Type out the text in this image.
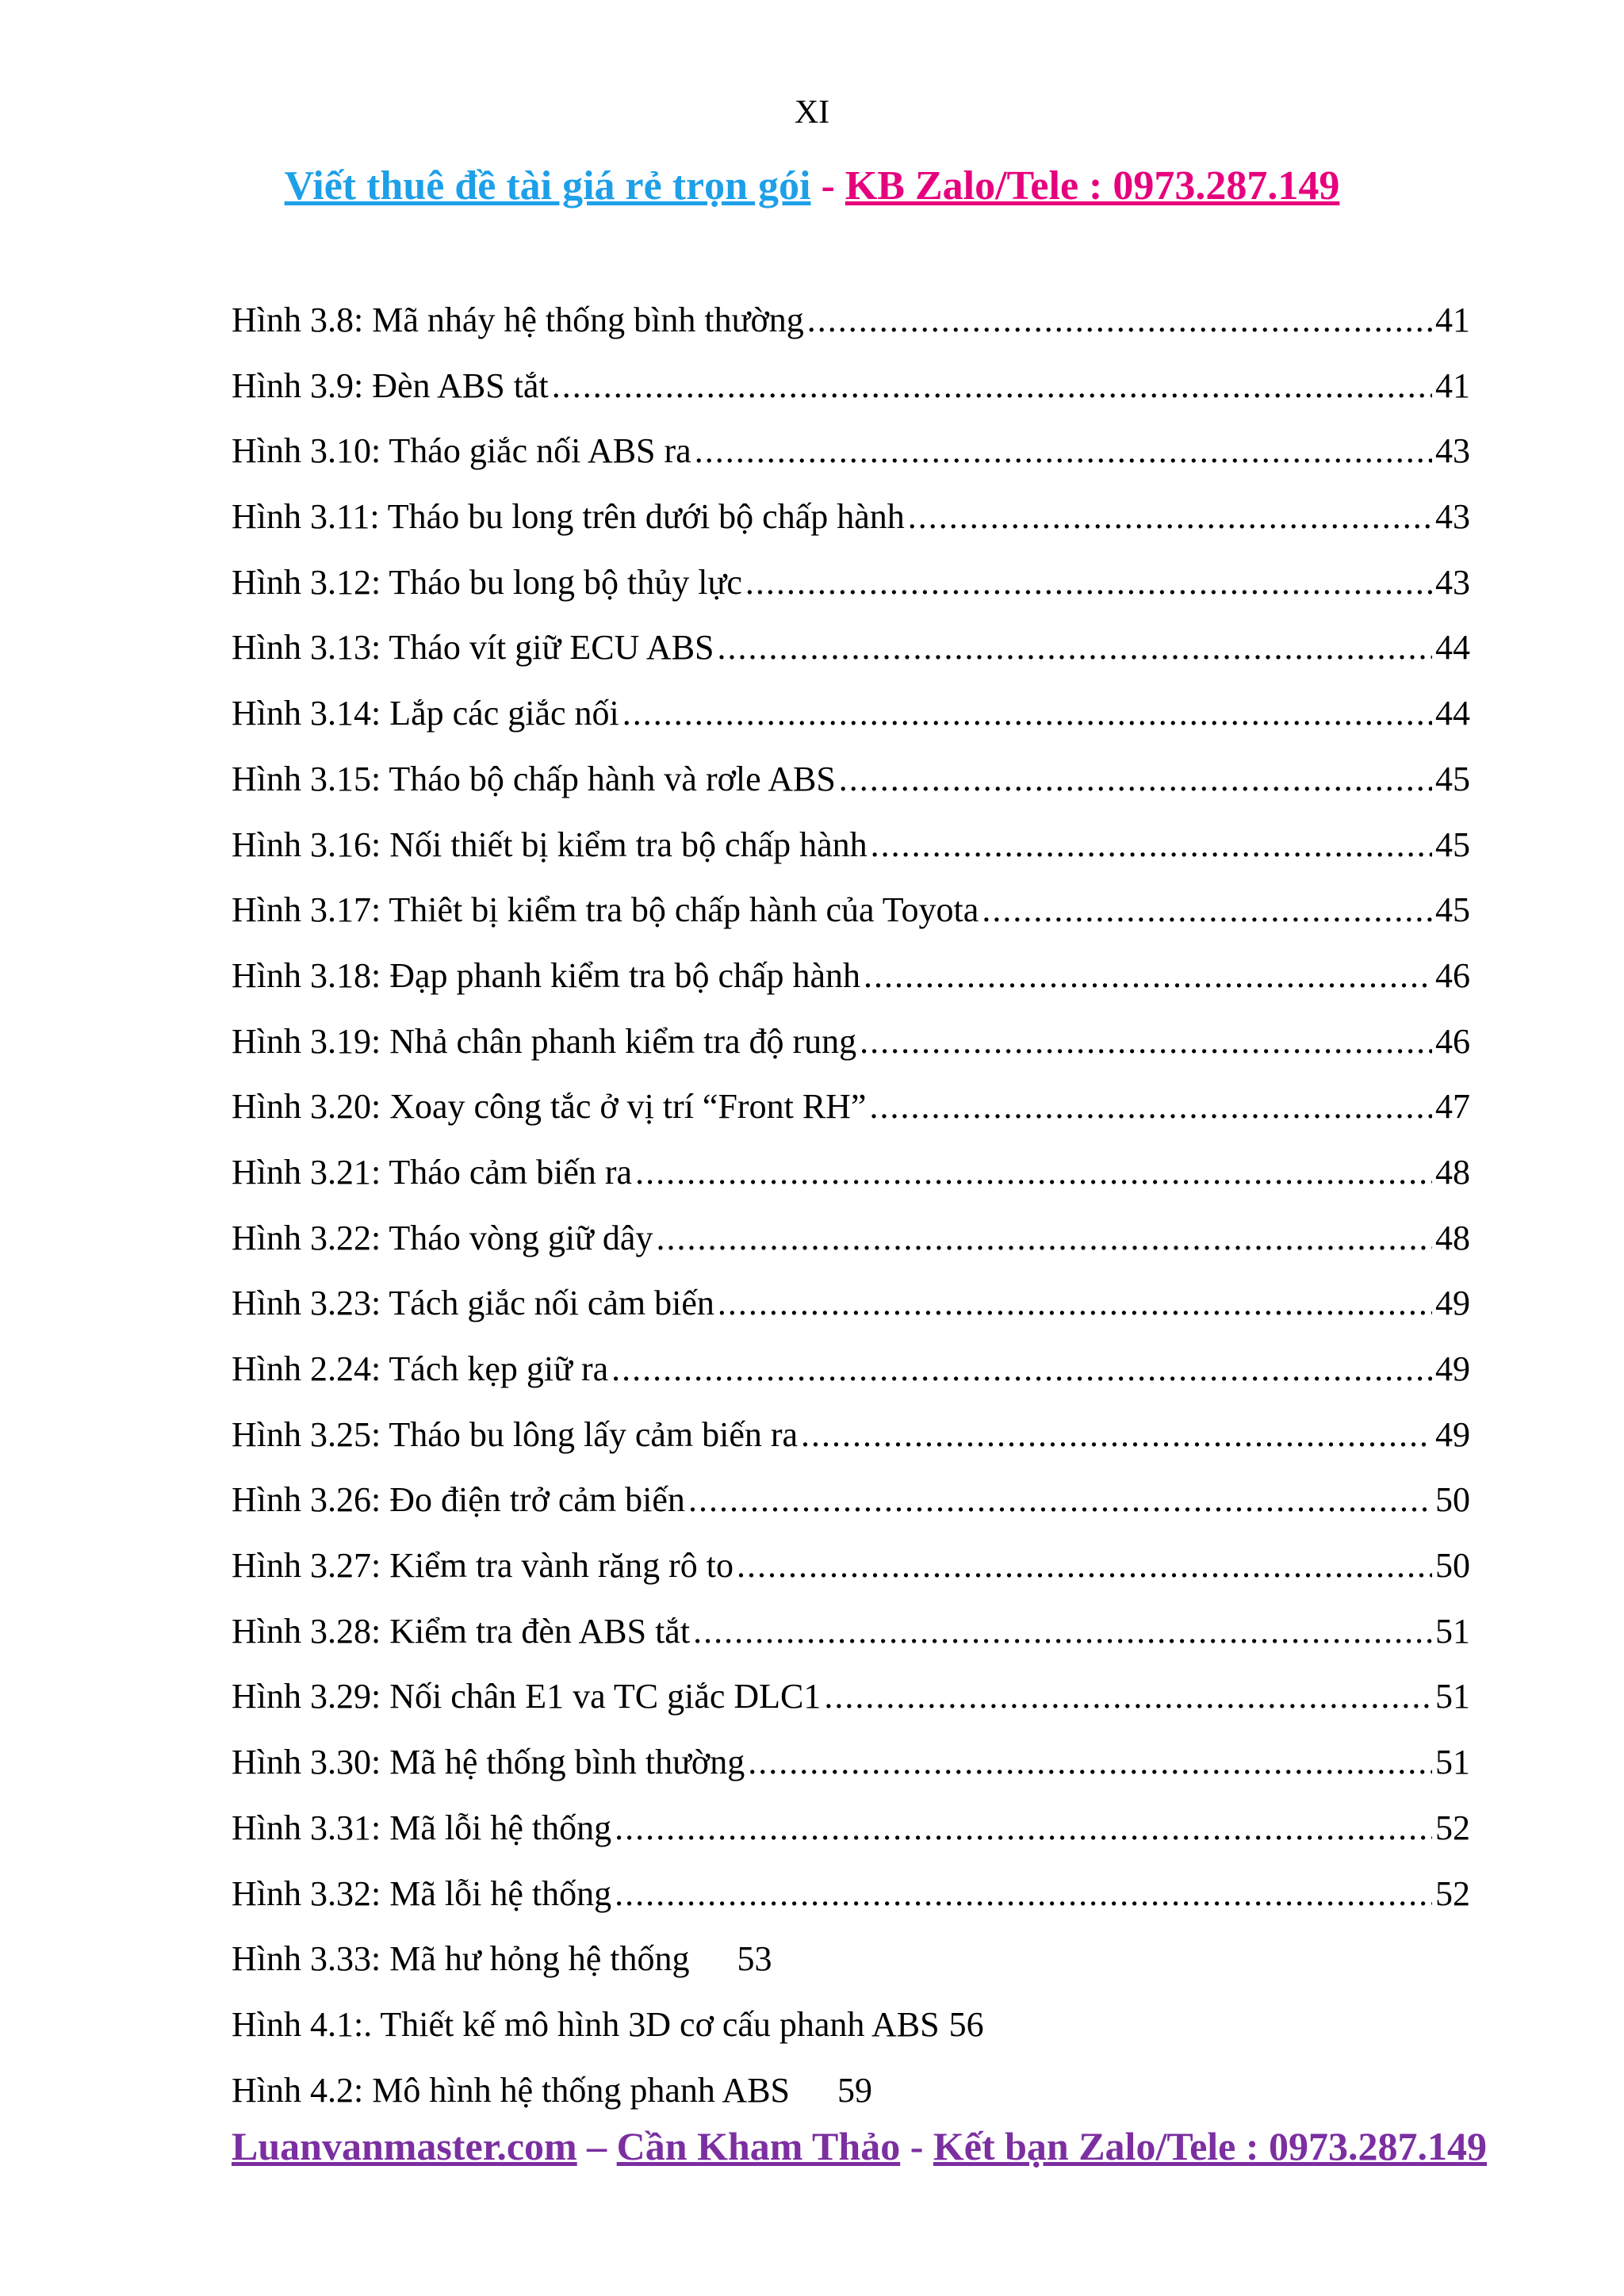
XI
Viết thuê đề tài giá rẻ trọn gói - KB Zalo/Tele : 0973.287.149
Hình 3.8: Mã nháy hệ thống bình thường .....	41
Hình 3.9: Đèn ABS tắt .....	41
Hình 3.10: Tháo giắc nối ABS ra .....	43
Hình 3.11: Tháo bu long trên dưới bộ chấp hành .....	43
Hình 3.12: Tháo bu long bộ thủy lực .....	43
Hình 3.13: Tháo vít giữ ECU ABS .....	44
Hình 3.14: Lắp các giắc nối .....	44
Hình 3.15: Tháo bộ chấp hành và rơle ABS .....	45
Hình 3.16: Nối thiết bị kiểm tra bộ chấp hành .....	45
Hình 3.17: Thiêt bị kiểm tra bộ chấp hành của Toyota .....	45
Hình 3.18: Đạp phanh kiểm tra bộ chấp hành .....	46
Hình 3.19: Nhả chân phanh kiểm tra độ rung .....	46
Hình 3.20: Xoay công tắc ở vị trí “Front RH” .....	47
Hình 3.21: Tháo cảm biến ra .....	48
Hình 3.22: Tháo vòng giữ dây .....	48
Hình 3.23: Tách giắc nối cảm biến .....	49
Hình 2.24: Tách kẹp giữ ra .....	49
Hình 3.25: Tháo bu lông lấy cảm biến ra .....	49
Hình 3.26: Đo điện trở cảm biến .....	50
Hình 3.27: Kiểm tra vành răng rô to .....	50
Hình 3.28: Kiểm tra đèn ABS tắt .....	51
Hình 3.29: Nối chân E1 va TC giắc DLC1 .....	51
Hình 3.30: Mã hệ thống bình thường .....	51
Hình 3.31: Mã lỗi hệ thống .....	52
Hình 3.32: Mã lỗi hệ thống .....	52
Hình 3.33: Mã hư hỏng hệ thống 53
Hình 4.1:. Thiết kế mô hình 3D cơ cấu phanh ABS 56
Hình 4.2: Mô hình hệ thống phanh ABS 59
Luanvanmaster.com – Cần Kham Thảo - Kết bạn Zalo/Tele : 0973.287.149
